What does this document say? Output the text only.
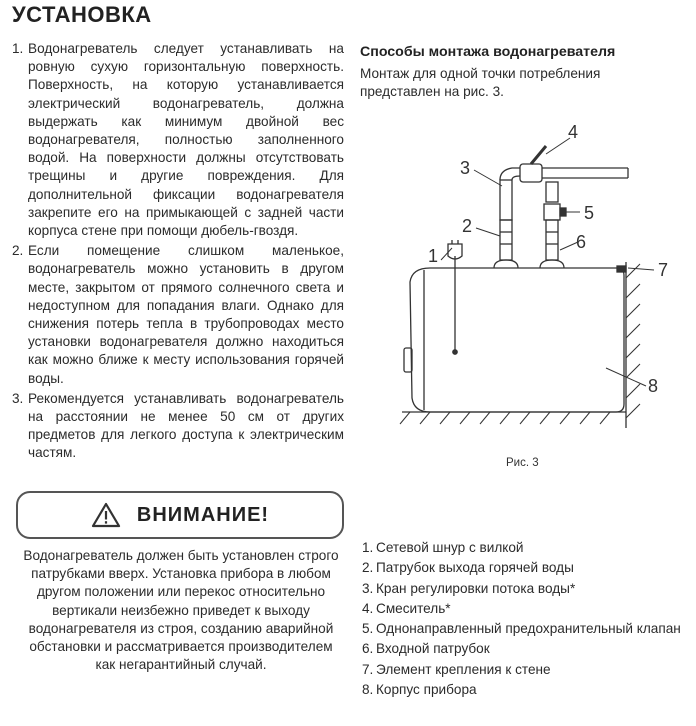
УСТАНОВКА
1. Водонагреватель следует устанавливать на ровную сухую горизонтальную поверхность. Поверхность, на которую устанавливается электрический водонагреватель, должна выдержать как минимум двойной вес водонагревателя, полностью заполненного водой. На поверхности должны отсутствовать трещины и другие повреждения. Для дополнительной фиксации водонагревателя закрепите его на примыкающей с задней части корпуса стене при помощи дюбель-гвоздя.
2. Если помещение слишком маленькое, водонагреватель можно установить в другом месте, закрытом от прямого солнечного света и недоступном для попадания влаги. Однако для снижения потерь тепла в трубопроводах место установки водонагревателя должно находиться как можно ближе к месту использования горячей воды.
3. Рекомендуется устанавливать водонагреватель на расстоянии не менее 50 см от других предметов для легкого доступа к электрическим частям.
ВНИМАНИЕ!
Водонагреватель должен быть установлен строго патрубками вверх. Установка прибора в любом другом положении или перекос относительно вертикали неизбежно приведет к выходу водонагревателя из строя, созданию аварийной обстановки и рассматривается производителем как негарантийный случай.
Способы монтажа водонагревателя
Монтаж для одной точки потребления представлен на рис. 3.
1
2
3
4
5
6
7
8
Рис. 3
1. Сетевой шнур с вилкой
2. Патрубок выхода горячей воды
3. Кран регулировки потока воды*
4. Смеситель*
5. Однонаправленный предохранительный клапан
6. Входной патрубок
7. Элемент крепления к стене
8. Корпус прибора
